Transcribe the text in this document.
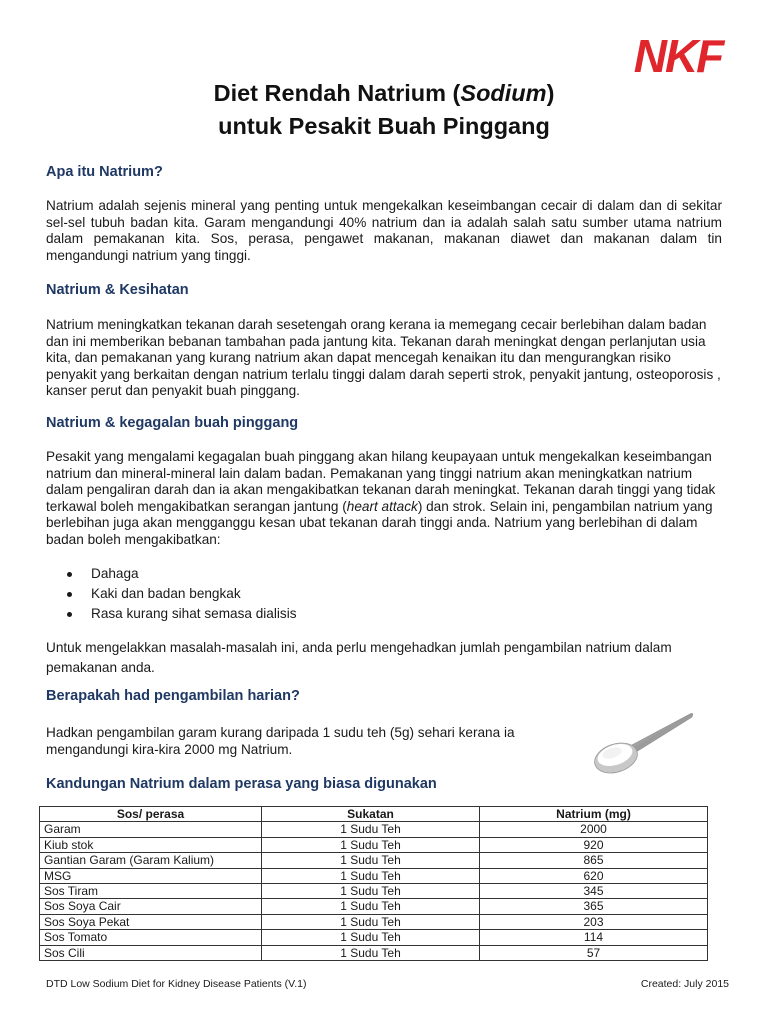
NKF
Diet Rendah Natrium (Sodium)
untuk Pesakit Buah Pinggang
Apa itu Natrium?

Natrium adalah sejenis mineral yang penting untuk mengekalkan keseimbangan cecair di dalam dan di sekitar sel-sel tubuh badan kita. Garam mengandungi 40% natrium dan ia adalah salah satu sumber utama natrium dalam pemakanan kita. Sos, perasa, pengawet makanan, makanan diawet dan makanan dalam tin mengandungi natrium yang tinggi.

Natrium & Kesihatan

Natrium meningkatkan tekanan darah sesetengah orang kerana ia memegang cecair berlebihan dalam badan dan ini memberikan bebanan tambahan pada jantung kita. Tekanan darah meningkat dengan perlanjutan usia kita, dan pemakanan yang kurang natrium akan dapat mencegah kenaikan itu dan mengurangkan risiko penyakit yang berkaitan dengan natrium terlalu tinggi dalam darah seperti strok, penyakit jantung, osteoporosis , kanser perut dan penyakit buah pinggang.

Natrium & kegagalan buah pinggang

Pesakit yang mengalami kegagalan buah pinggang akan hilang keupayaan untuk mengekalkan keseimbangan natrium dan mineral-mineral lain dalam badan. Pemakanan yang tinggi natrium akan meningkatkan natrium dalam pengaliran darah dan ia akan mengakibatkan tekanan darah meningkat. Tekanan darah tinggi yang tidak terkawal boleh mengakibatkan serangan jantung (heart attack) dan strok. Selain ini, pengambilan natrium yang berlebihan juga akan mengganggu kesan ubat tekanan darah tinggi anda. Natrium yang berlebihan di dalam badan boleh mengakibatkan:

Dahaga
Kaki dan badan bengkak
Rasa kurang sihat semasa dialisis

Untuk mengelakkan masalah-masalah ini, anda perlu mengehadkan jumlah pengambilan natrium dalam pemakanan anda.

Berapakah had pengambilan harian?

Hadkan pengambilan garam kurang daripada 1 sudu teh (5g) sehari kerana ia mengandungi kira-kira 2000 mg Natrium.

Kandungan Natrium dalam perasa yang biasa digunakan
Sos/ perasa	Sukatan	Natrium (mg)
Garam	1 Sudu Teh	2000
Kiub stok	1 Sudu Teh	920
Gantian Garam (Garam Kalium)	1 Sudu Teh	865
MSG	1 Sudu Teh	620
Sos Tiram	1 Sudu Teh	345
Sos Soya Cair	1 Sudu Teh	365
Sos Soya Pekat	1 Sudu Teh	203
Sos Tomato	1 Sudu Teh	114
Sos Cili	1 Sudu Teh	57
DTD Low Sodium Diet for Kidney Disease Patients (V.1)	Created: July 2015
